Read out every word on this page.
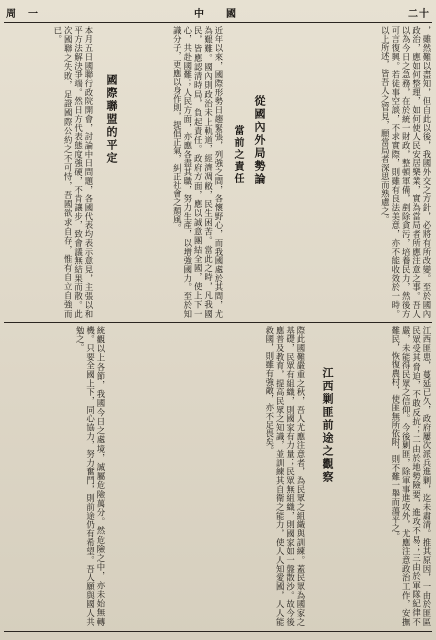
周　一	中　國	二十
，雖然難以盡知，但自此以後，我國外交之方針，必將有所改變。至於國內政治，應如何整理，如何使人民安居樂業，實為當局者所應注意之事。吾人以為今日之急務，在於統一財政，整頓軍備，剷除貪污，培養民力，然後方可言復興。若徒事空談，不求實際，則雖有良法美意，亦不能收效於一時。以上所述，皆吾人之管見，願當局者深思而熟慮之。
從國內外局勢論
當前之責任
近年以來，國際形勢日趨緊張，列強之間，各懷野心，而我國處於其間，尤為艱難。國內則政治未上軌道，經濟凋敝，民生困苦。當此之時，凡我國民，皆應認清時局，負起責任。政府方面，應以誠意團結全國，使上下一心，共赴國難；人民方面，亦應各盡其職，努力生產，以增強國力。至於知識分子，更應以身作則，提倡正氣，糾正社會之頹風。
國際聯盟的平定
本月五日國聯行政院開會，討論中日問題，各國代表均表示意見，主張以和平方法解決爭端。然日方代表態度強硬，不肯讓步，致會議無結果而散。此次國聯之失敗，足證國際公約之不可恃，吾國欲求自存，惟有自立自強而已。
江西匪患，蔓延已久，政府屢次派兵進剿，迄未肅清。推其原因，一由於匪區民眾受其脅迫，不敢反抗；二由於地勢險要，進攻不易；三由於軍隊紀律不嚴，未能得民眾之信仰。今後剿匪，除軍事進攻外，尤應注意政治工作，安撫難民，恢復農村，使匪無所依附，則不難一舉而蕩平之。
江西剿匪前途之觀察
際此國難嚴重之秋，吾人尤應注意者，為民眾之組織與訓練。蓋民眾為國家之基礎，民眾有組織，則國家有力量；民眾無組織，則國家如一盤散沙。故今後應普及教育，提高民眾之知識，並訓練其自衛之能力，使人人知愛國，人人能救國，則雖有強敵，亦不足畏矣。
統觀以上各節，我國今日之處境，誠屬危險萬分。然危險之中，亦未始無轉機。只要全國上下，同心協力，努力奮鬥，則前途仍有希望。吾人願與國人共勉之。
